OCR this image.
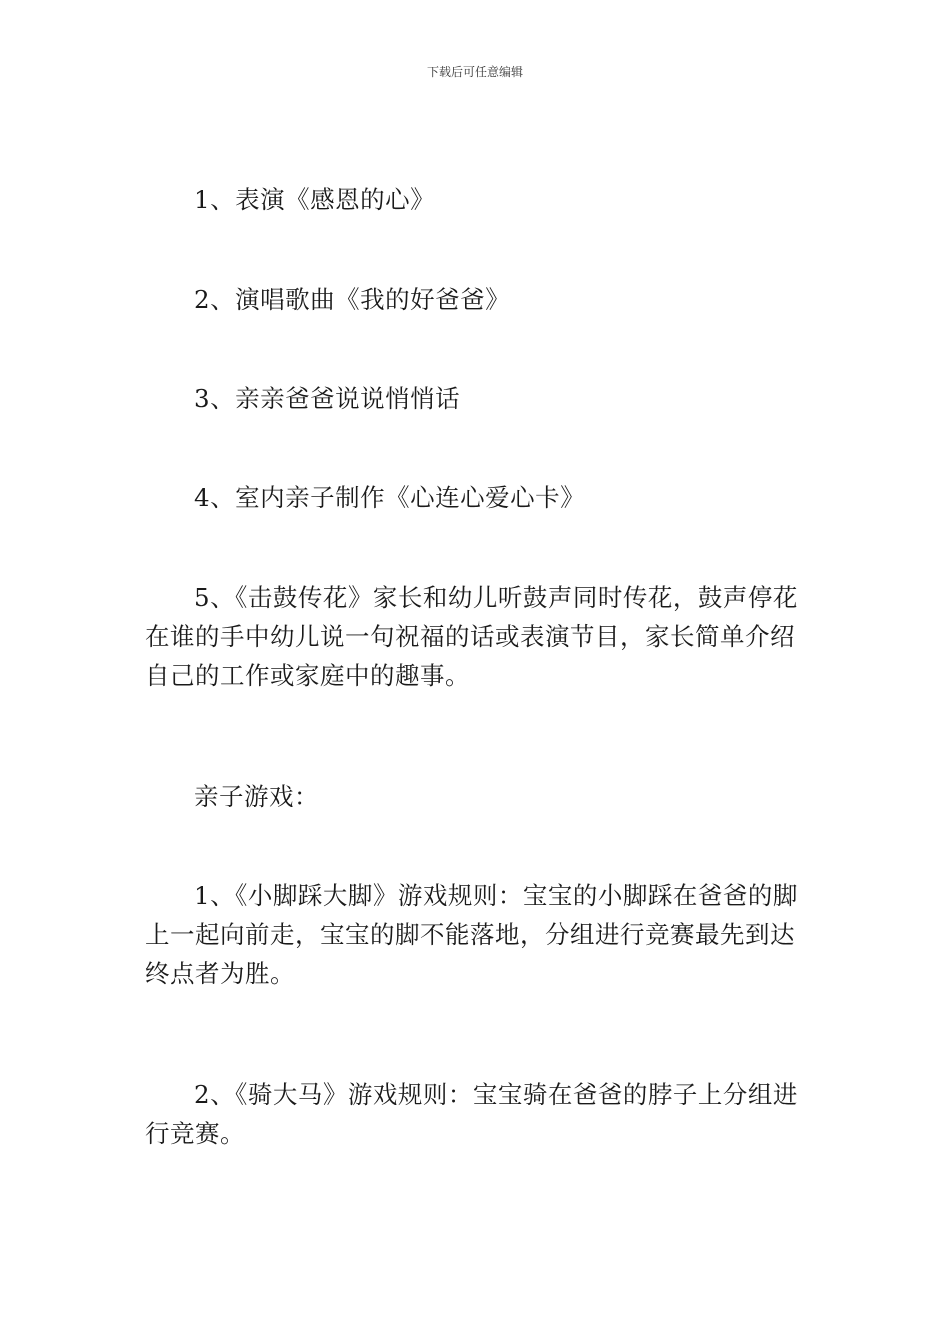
下载后可任意编辑

1、表演《感恩的心》

2、演唱歌曲《我的好爸爸》

3、亲亲爸爸说说悄悄话

4、室内亲子制作《心连心爱心卡》

5、《击鼓传花》家长和幼儿听鼓声同时传花，鼓声停花在谁的手中幼儿说一句祝福的话或表演节目，家长简单介绍自己的工作或家庭中的趣事。

亲子游戏：

1、《小脚踩大脚》游戏规则：宝宝的小脚踩在爸爸的脚上一起向前走，宝宝的脚不能落地，分组进行竞赛最先到达终点者为胜。

2、《骑大马》游戏规则：宝宝骑在爸爸的脖子上分组进行竞赛。
